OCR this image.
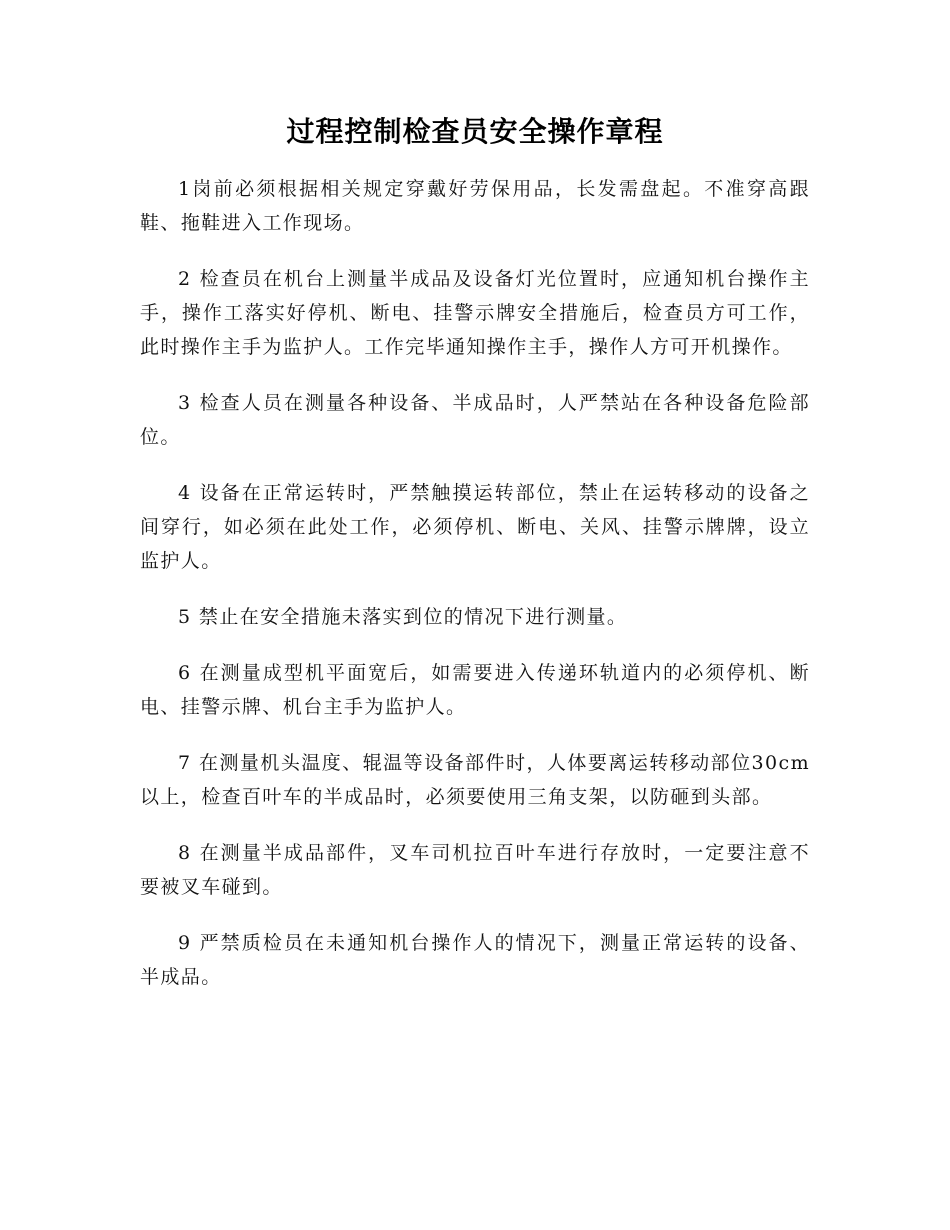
过程控制检查员安全操作章程

1岗前必须根据相关规定穿戴好劳保用品，长发需盘起。不准穿高跟鞋、拖鞋进入工作现场。

2 检查员在机台上测量半成品及设备灯光位置时，应通知机台操作主手，操作工落实好停机、断电、挂警示牌安全措施后，检查员方可工作，此时操作主手为监护人。工作完毕通知操作主手，操作人方可开机操作。

3 检查人员在测量各种设备、半成品时，人严禁站在各种设备危险部位。

4 设备在正常运转时，严禁触摸运转部位，禁止在运转移动的设备之间穿行，如必须在此处工作，必须停机、断电、关风、挂警示牌牌，设立监护人。

5 禁止在安全措施未落实到位的情况下进行测量。

6 在测量成型机平面宽后，如需要进入传递环轨道内的必须停机、断电、挂警示牌、机台主手为监护人。

7 在测量机头温度、辊温等设备部件时，人体要离运转移动部位30cm 以上，检查百叶车的半成品时，必须要使用三角支架，以防砸到头部。

8 在测量半成品部件，叉车司机拉百叶车进行存放时，一定要注意不要被叉车碰到。

9 严禁质检员在未通知机台操作人的情况下，测量正常运转的设备、半成品。
